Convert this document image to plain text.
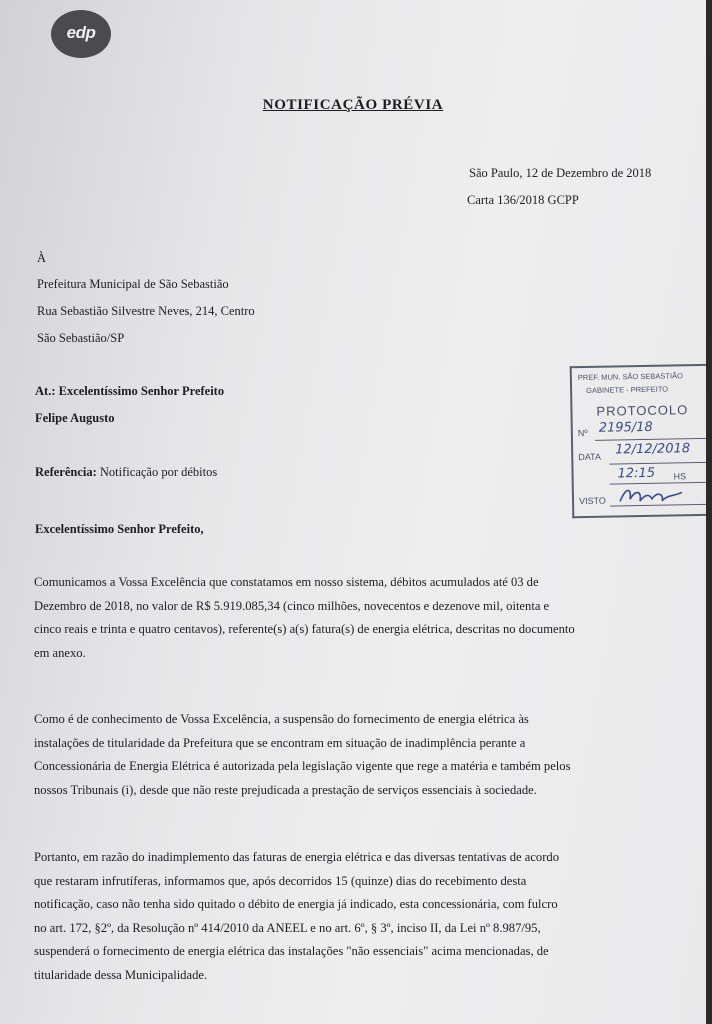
edp
NOTIFICAÇÃO PRÉVIA
São Paulo, 12 de Dezembro de 2018
Carta 136/2018 GCPP
À
Prefeitura Municipal de São Sebastião
Rua Sebastião Silvestre Neves, 214, Centro
São Sebastião/SP
At.: Excelentíssimo Senhor Prefeito
Felipe Augusto
Referência: Notificação por débitos
Excelentíssimo Senhor Prefeito,
Comunicamos a Vossa Excelência que constatamos em nosso sistema, débitos acumulados até 03 de
Dezembro de 2018, no valor de R$ 5.919.085,34 (cinco milhões, novecentos e dezenove mil, oitenta e
cinco reais e trinta e quatro centavos), referente(s) a(s) fatura(s) de energia elétrica, descritas no documento
em anexo.
Como é de conhecimento de Vossa Excelência, a suspensão do fornecimento de energia elétrica às
instalações de titularidade da Prefeitura que se encontram em situação de inadimplência perante a
Concessionária de Energia Elétrica é autorizada pela legislação vigente que rege a matéria e também pelos
nossos Tribunais (i), desde que não reste prejudicada a prestação de serviços essenciais à sociedade.
Portanto, em razão do inadimplemento das faturas de energia elétrica e das diversas tentativas de acordo
que restaram infrutíferas, informamos que, após decorridos 15 (quinze) dias do recebimento desta
notificação, caso não tenha sido quitado o débito de energia já indicado, esta concessionária, com fulcro
no art. 172, §2º, da Resolução nº 414/2010 da ANEEL e no art. 6º, § 3º, inciso II, da Lei nº 8.987/95,
suspenderá o fornecimento de energia elétrica das instalações "não essenciais" acima mencionadas, de
titularidade dessa Municipalidade.
PREF. MUN. SÃO SEBASTIÃO
GABINETE - PREFEITO
PROTOCOLO
Nº 2195/18
DATA 12/12/2018
12:15 HS
VISTO
